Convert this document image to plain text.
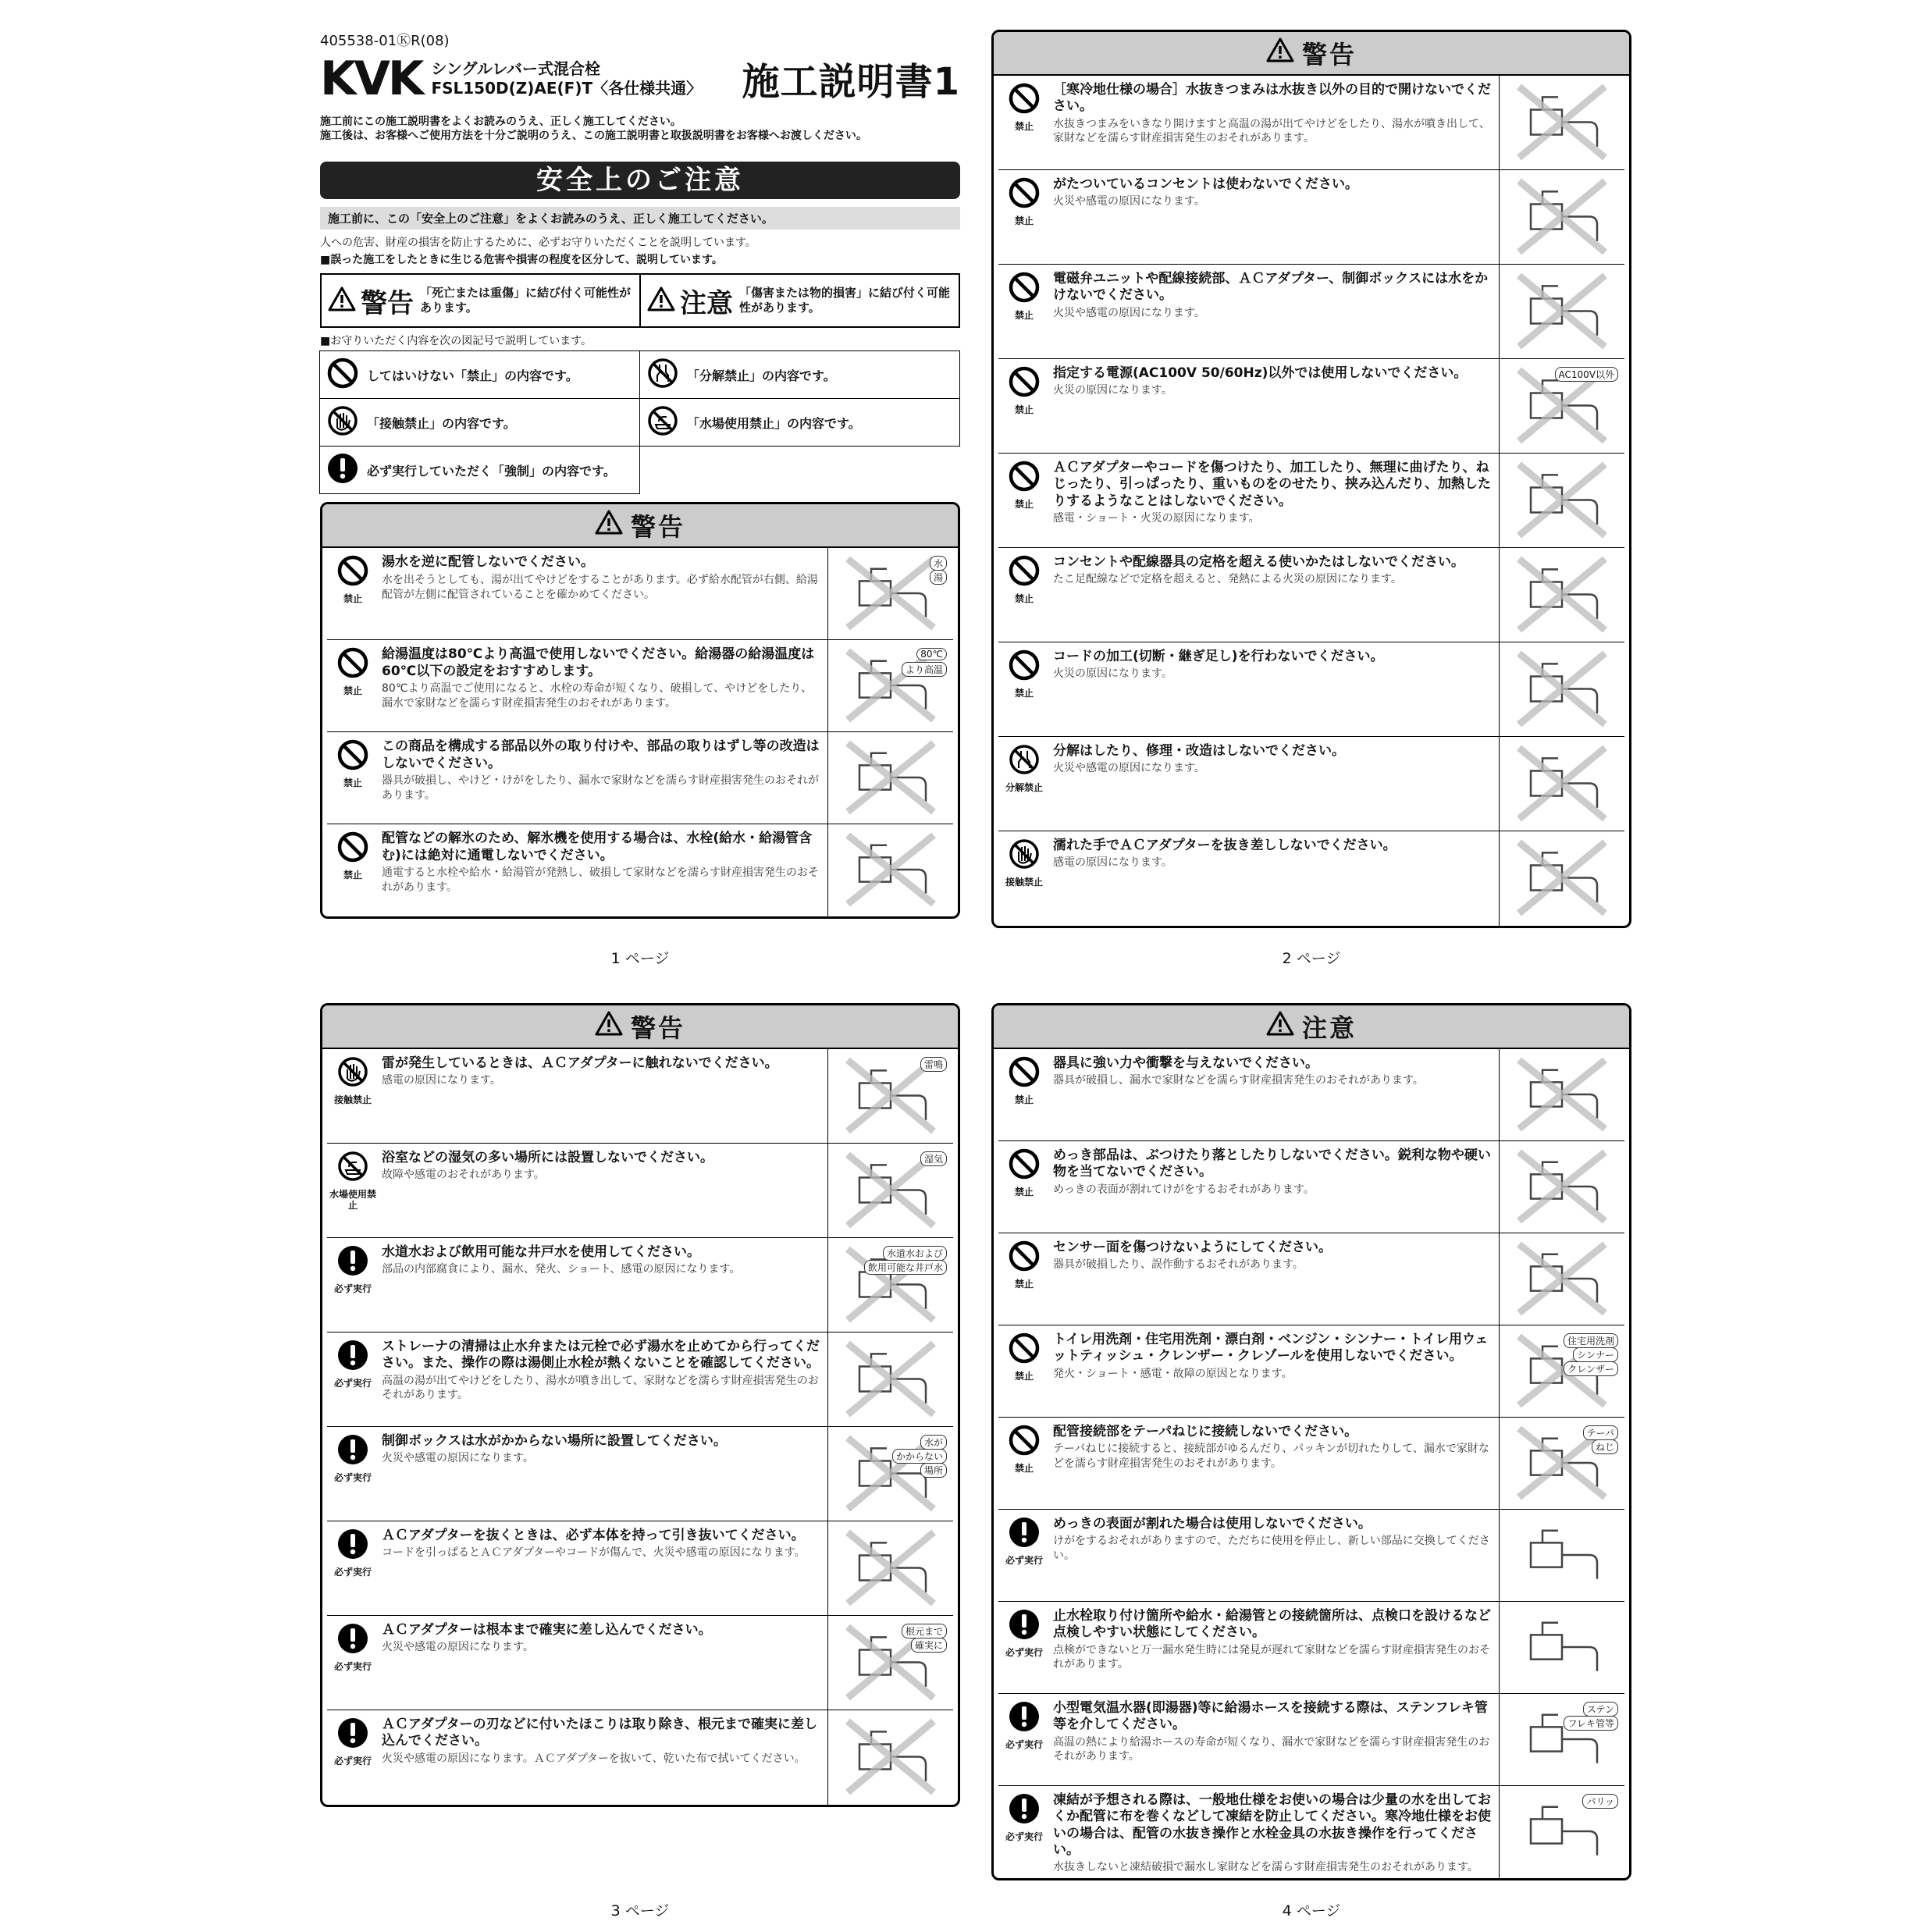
405538-01ⓀR(08)
KVK シングルレバー式混合栓
FSL150D(Z)AE(F)T〈各仕様共通〉 施工説明書1
施工前にこの施工説明書をよくお読みのうえ、正しく施工してください。
施工後は、お客様へご使用方法を十分ご説明のうえ、この施工説明書と取扱説明書をお客様へお渡しください。
安全上のご注意
施工前に、この「安全上のご注意」をよくお読みのうえ、正しく施工してください。
人への危害、財産の損害を防止するために、必ずお守りいただくことを説明しています。
■誤った施工をしたときに生じる危害や損害の程度を区分して、説明しています。
警告 「死亡または重傷」に結び付く可能性があります。	注意 「傷害または物的損害」に結び付く可能性があります。
■お守りいただく内容を次の図記号で説明しています。
してはいけない「禁止」の内容です。	「分解禁止」の内容です。
「接触禁止」の内容です。	「水場使用禁止」の内容です。
必ず実行していただく「強制」の内容です。
警告
禁止
湯水を逆に配管しないでください。
水を出そうとしても、湯が出てやけどをすることがあります。必ず給水配管が右側、給湯配管が左側に配管されていることを確かめてください。
水
湯
禁止
給湯温度は80℃より高温で使用しないでください。給湯器の給湯温度は60℃以下の設定をおすすめします。
80℃より高温でご使用になると、水栓の寿命が短くなり、破損して、やけどをしたり、漏水で家財などを濡らす財産損害発生のおそれがあります。
80℃
より高温
禁止
この商品を構成する部品以外の取り付けや、部品の取りはずし等の改造はしないでください。
器具が破損し、やけど・けがをしたり、漏水で家財などを濡らす財産損害発生のおそれがあります。
禁止
配管などの解氷のため、解氷機を使用する場合は、水栓(給水・給湯管含む)には絶対に通電しないでください。
通電すると水栓や給水・給湯管が発熱し、破損して家財などを濡らす財産損害発生のおそれがあります。
1 ページ
警告
禁止
［寒冷地仕様の場合］水抜きつまみは水抜き以外の目的で開けないでください。
水抜きつまみをいきなり開けますと高温の湯が出てやけどをしたり、湯水が噴き出して、家財などを濡らす財産損害発生のおそれがあります。
禁止
がたついているコンセントは使わないでください。
火災や感電の原因になります。
禁止
電磁弁ユニットや配線接続部、ＡＣアダプター、制御ボックスには水をかけないでください。
火災や感電の原因になります。
禁止
指定する電源(AC100V 50/60Hz)以外では使用しないでください。
火災の原因になります。
AC100V以外
禁止
ＡＣアダプターやコードを傷つけたり、加工したり、無理に曲げたり、ねじったり、引っぱったり、重いものをのせたり、挟み込んだり、加熱したりするようなことはしないでください。
感電・ショート・火災の原因になります。
禁止
コンセントや配線器具の定格を超える使いかたはしないでください。
たこ足配線などで定格を超えると、発熱による火災の原因になります。
禁止
コードの加工(切断・継ぎ足し)を行わないでください。
火災の原因になります。
分解禁止
分解はしたり、修理・改造はしないでください。
火災や感電の原因になります。
接触禁止
濡れた手でＡＣアダプターを抜き差ししないでください。
感電の原因になります。
2 ページ
警告
接触禁止
雷が発生しているときは、ＡＣアダプターに触れないでください。
感電の原因になります。
雷鳴
水場使用禁止
浴室などの湿気の多い場所には設置しないでください。
故障や感電のおそれがあります。
湿気
必ず実行
水道水および飲用可能な井戸水を使用してください。
部品の内部腐食により、漏水、発火、ショート、感電の原因になります。
水道水および
飲用可能な井戸水
必ず実行
ストレーナの清掃は止水弁または元栓で必ず湯水を止めてから行ってください。また、操作の際は湯側止水栓が熱くないことを確認してください。
高温の湯が出てやけどをしたり、湯水が噴き出して、家財などを濡らす財産損害発生のおそれがあります。
必ず実行
制御ボックスは水がかからない場所に設置してください。
火災や感電の原因になります。
水が
かからない
場所
必ず実行
ＡＣアダプターを抜くときは、必ず本体を持って引き抜いてください。
コードを引っぱるとＡＣアダプターやコードが傷んで、火災や感電の原因になります。
必ず実行
ＡＣアダプターは根本まで確実に差し込んでください。
火災や感電の原因になります。
根元まで
確実に
必ず実行
ＡＣアダプターの刃などに付いたほこりは取り除き、根元まで確実に差し込んでください。
火災や感電の原因になります。ＡＣアダプターを抜いて、乾いた布で拭いてください。
3 ページ
注意
禁止
器具に強い力や衝撃を与えないでください。
器具が破損し、漏水で家財などを濡らす財産損害発生のおそれがあります。
禁止
めっき部品は、ぶつけたり落としたりしないでください。鋭利な物や硬い物を当てないでください。
めっきの表面が割れてけがをするおそれがあります。
禁止
センサー面を傷つけないようにしてください。
器具が破損したり、誤作動するおそれがあります。
禁止
トイレ用洗剤・住宅用洗剤・漂白剤・ベンジン・シンナー・トイレ用ウェットティッシュ・クレンザー・クレゾールを使用しないでください。
発火・ショート・感電・故障の原因となります。
住宅用洗剤
シンナー
クレンザー
禁止
配管接続部をテーパねじに接続しないでください。
テーパねじに接続すると、接続部がゆるんだり、パッキンが切れたりして、漏水で家財などを濡らす財産損害発生のおそれがあります。
テーパ
ねじ
必ず実行
めっきの表面が割れた場合は使用しないでください。
けがをするおそれがありますので、ただちに使用を停止し、新しい部品に交換してください。
必ず実行
止水栓取り付け箇所や給水・給湯管との接続箇所は、点検口を設けるなど点検しやすい状態にしてください。
点検ができないと万一漏水発生時には発見が遅れて家財などを濡らす財産損害発生のおそれがあります。
必ず実行
小型電気温水器(即湯器)等に給湯ホースを接続する際は、ステンフレキ管等を介してください。
高温の熱により給湯ホースの寿命が短くなり、漏水で家財などを濡らす財産損害発生のおそれがあります。
ステン
フレキ管等
必ず実行
凍結が予想される際は、一般地仕様をお使いの場合は少量の水を出しておくか配管に布を巻くなどして凍結を防止してください。寒冷地仕様をお使いの場合は、配管の水抜き操作と水栓金具の水抜き操作を行ってください。
水抜きしないと凍結破損で漏水し家財などを濡らす財産損害発生のおそれがあります。
パリッ
4 ページ
